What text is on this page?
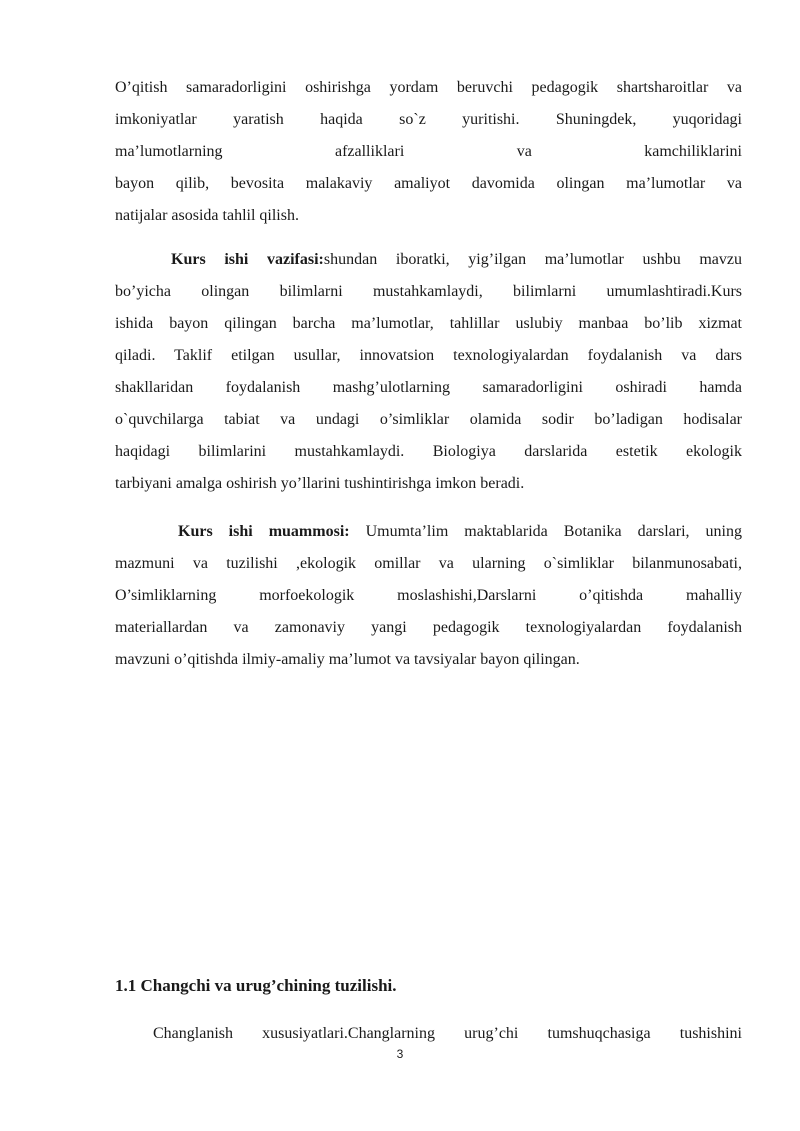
O’qitish samaradorligini oshirishga yordam beruvchi pedagogik shartsharoitlar va
imkoniyatlar yaratish haqida so`z yuritishi. Shuningdek, yuqoridagi
ma’lumotlarning afzalliklari va kamchiliklarini
bayon qilib, bevosita malakaviy amaliyot davomida olingan ma’lumotlar va
natijalar asosida tahlil qilish.
Kurs ishi vazifasi:shundan iboratki, yig’ilgan ma’lumotlar ushbu mavzu
bo’yicha olingan bilimlarni mustahkamlaydi, bilimlarni umumlashtiradi.Kurs
ishida bayon qilingan barcha ma’lumotlar, tahlillar uslubiy manbaa bo’lib xizmat
qiladi. Taklif etilgan usullar, innovatsion texnologiyalardan foydalanish va dars
shakllaridan foydalanish mashg’ulotlarning samaradorligini oshiradi hamda
o`quvchilarga tabiat va undagi o’simliklar olamida sodir bo’ladigan hodisalar
haqidagi bilimlarini mustahkamlaydi. Biologiya darslarida estetik ekologik
tarbiyani amalga oshirish yo’llarini tushintirishga imkon beradi.
Kurs ishi muammosi: Umumta’lim maktablarida Botanika darslari, uning
mazmuni va tuzilishi ,ekologik omillar va ularning o`simliklar bilanmunosabati,
O’simliklarning morfoekologik moslashishi,Darslarni o’qitishda mahalliy
materiallardan va zamonaviy yangi pedagogik texnologiyalardan foydalanish
mavzuni o’qitishda ilmiy-amaliy ma’lumot va tavsiyalar bayon qilingan.
1.1 Changchi va urug’chining tuzilishi.
Changlanish xususiyatlari.Changlarning urug’chi tumshuqchasiga tushishini
3
